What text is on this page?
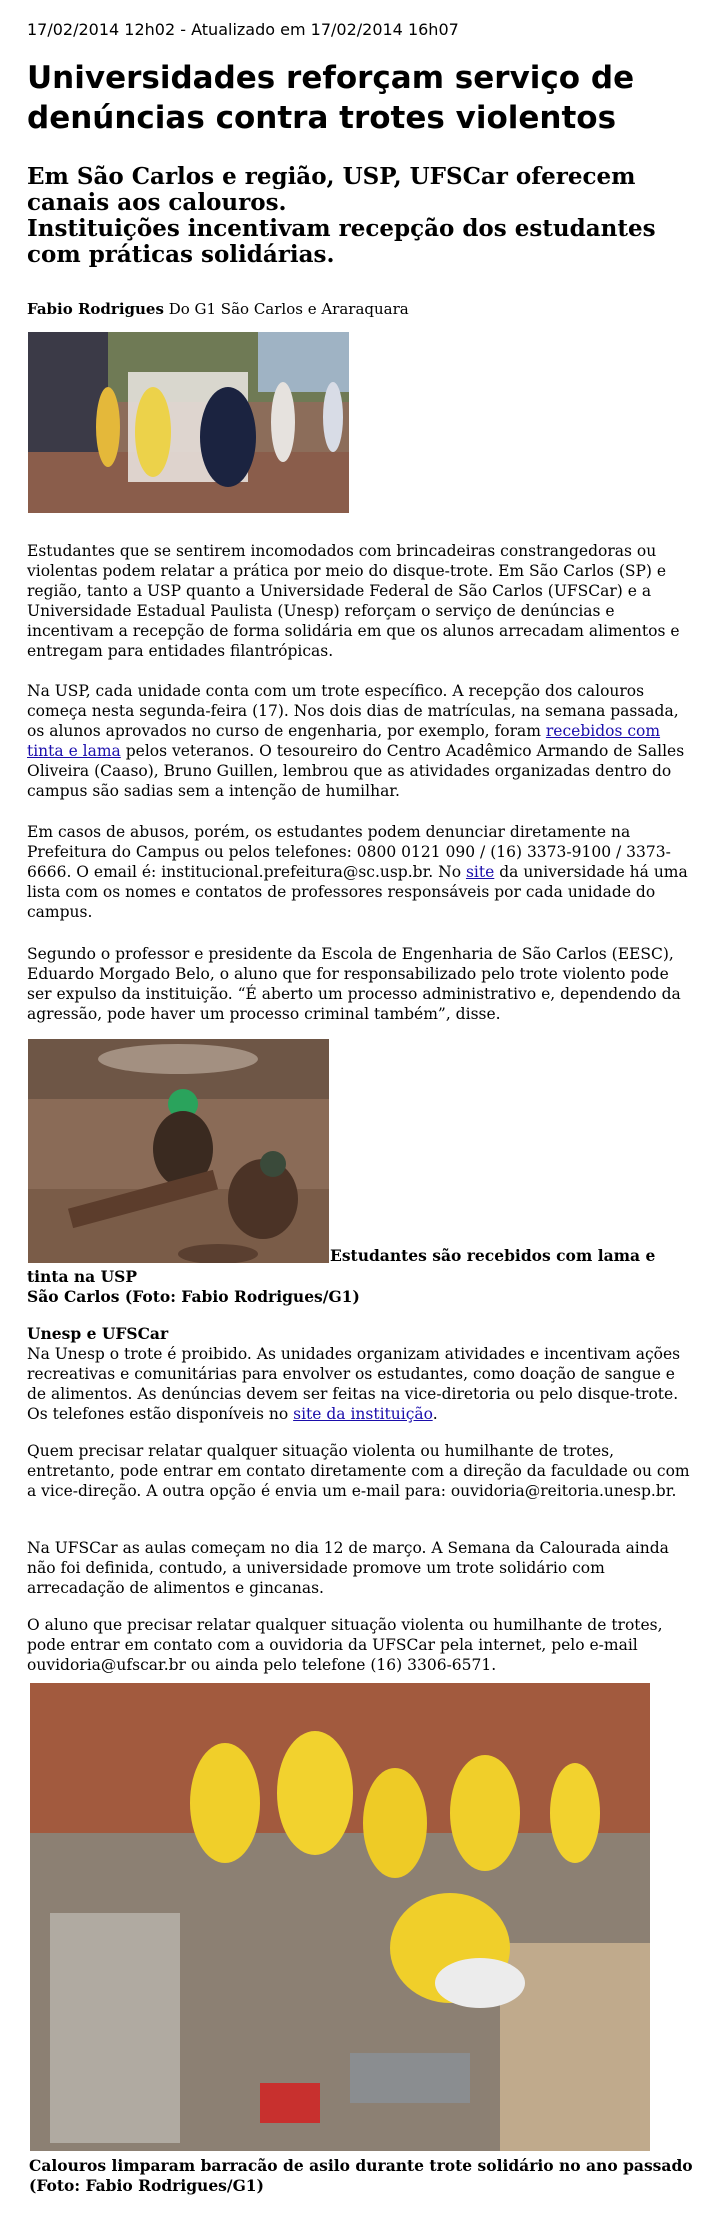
17/02/2014 12h02 - Atualizado em 17/02/2014 16h07
Universidades reforçam serviço de denúncias contra trotes violentos
Em São Carlos e região, USP, UFSCar oferecem canais aos calouros.
Instituições incentivam recepção dos estudantes com práticas solidárias.
Fabio Rodrigues Do G1 São Carlos e Araraquara

Estudantes que se sentirem incomodados com brincadeiras constrangedoras ou violentas podem relatar a prática por meio do disque-trote. Em São Carlos (SP) e região, tanto a USP quanto a Universidade Federal de São Carlos (UFSCar) e a Universidade Estadual Paulista (Unesp) reforçam o serviço de denúncias e incentivam a recepção de forma solidária em que os alunos arrecadam alimentos e entregam para entidades filantrópicas.

Na USP, cada unidade conta com um trote específico. A recepção dos calouros começa nesta segunda-feira (17). Nos dois dias de matrículas, na semana passada, os alunos aprovados no curso de engenharia, por exemplo, foram recebidos com tinta e lama pelos veteranos. O tesoureiro do Centro Acadêmico Armando de Salles Oliveira (Caaso), Bruno Guillen, lembrou que as atividades organizadas dentro do campus são sadias sem a intenção de humilhar.

Em casos de abusos, porém, os estudantes podem denunciar diretamente na Prefeitura do Campus ou pelos telefones: 0800 0121 090 / (16) 3373-9100 / 3373-6666. O email é: institucional.prefeitura@sc.usp.br. No site da universidade há uma lista com os nomes e contatos de professores responsáveis por cada unidade do campus.

Segundo o professor e presidente da Escola de Engenharia de São Carlos (EESC), Eduardo Morgado Belo, o aluno que for responsabilizado pelo trote violento pode ser expulso da instituição. “É aberto um processo administrativo e, dependendo da agressão, pode haver um processo criminal também”, disse.

Estudantes são recebidos com lama e
tinta na USP
São Carlos (Foto: Fabio Rodrigues/G1)
Unesp e UFSCar

Na Unesp o trote é proibido. As unidades organizam atividades e incentivam ações recreativas e comunitárias para envolver os estudantes, como doação de sangue e de alimentos. As denúncias devem ser feitas na vice-diretoria ou pelo disque-trote. Os telefones estão disponíveis no site da instituição.

Quem precisar relatar qualquer situação violenta ou humilhante de trotes, entretanto, pode entrar em contato diretamente com a direção da faculdade ou com a vice-direção. A outra opção é envia um e-mail para: ouvidoria@reitoria.unesp.br.

Na UFSCar as aulas começam no dia 12 de março. A Semana da Calourada ainda não foi definida, contudo, a universidade promove um trote solidário com arrecadação de alimentos e gincanas.

O aluno que precisar relatar qualquer situação violenta ou humilhante de trotes, pode entrar em contato com a ouvidoria da UFSCar pela internet, pelo e-mail ouvidoria@ufscar.br ou ainda pelo telefone (16) 3306-6571.

Calouros limparam barracão de asilo durante trote solidário no ano passado (Foto: Fabio Rodrigues/G1)
